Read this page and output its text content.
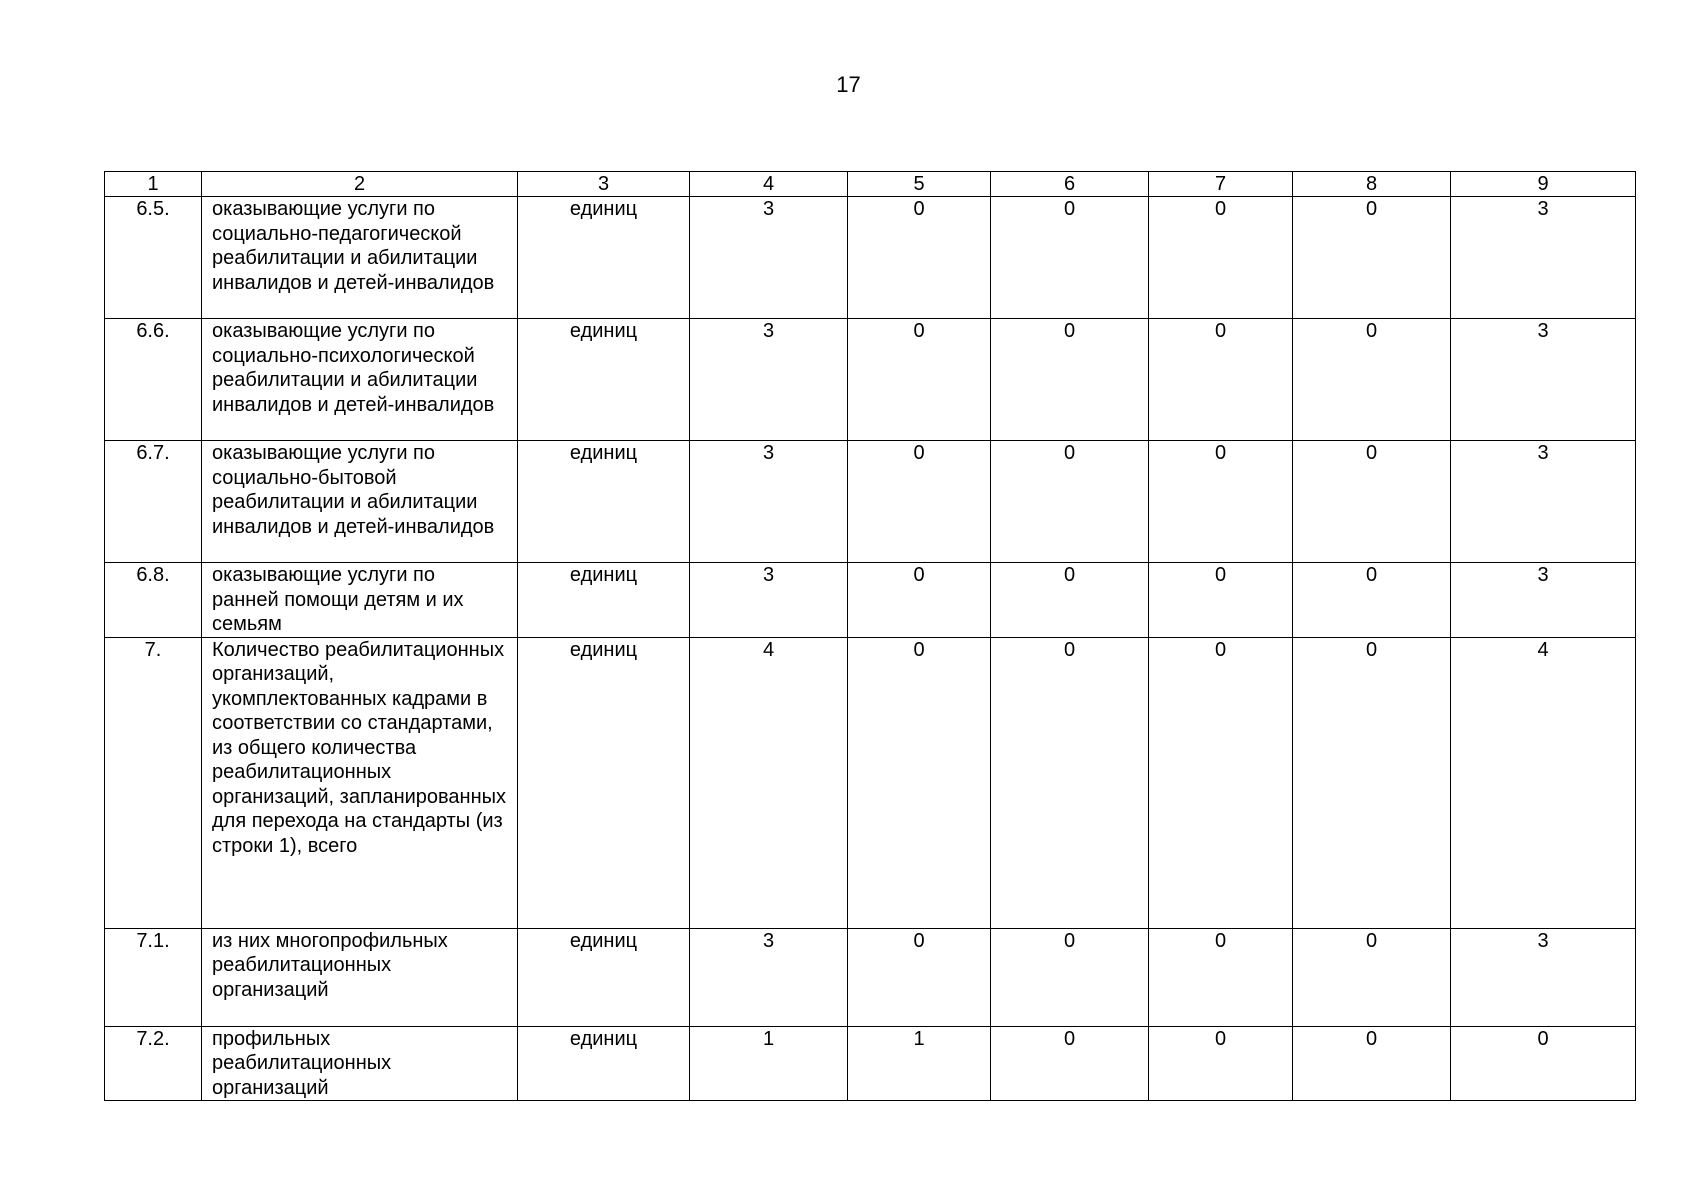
17
1	2	3	4	5	6	7	8	9
6.5.	оказывающие услуги по социально-педагогической реабилитации и абилитации инвалидов и детей-инвалидов	единиц	3	0	0	0	0	3
6.6.	оказывающие услуги по социально-психологической реабилитации и абилитации инвалидов и детей-инвалидов	единиц	3	0	0	0	0	3
6.7.	оказывающие услуги по социально-бытовой реабилитации и абилитации инвалидов и детей-инвалидов	единиц	3	0	0	0	0	3
6.8.	оказывающие услуги по ранней помощи детям и их семьям	единиц	3	0	0	0	0	3
7.	Количество реабилитационных организаций, укомплектованных кадрами в соответствии со стандартами, из общего количества реабилитационных организаций, запланированных для перехода на стандарты (из строки 1), всего	единиц	4	0	0	0	0	4
7.1.	из них многопрофильных реабилитационных организаций	единиц	3	0	0	0	0	3
7.2.	профильных реабилитационных организаций	единиц	1	1	0	0	0	0
